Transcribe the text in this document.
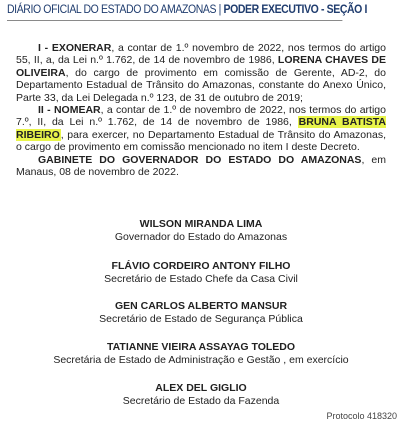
DIÁRIO OFICIAL DO ESTADO DO AMAZONAS | PODER EXECUTIVO - SEÇÃO I

I - EXONERAR, a contar de 1.º novembro de 2022, nos termos do artigo 55, II, a, da Lei n.º 1.762, de 14 de novembro de 1986, LORENA CHAVES DE OLIVEIRA, do cargo de provimento em comissão de Gerente, AD-2, do Departamento Estadual de Trânsito do Amazonas, constante do Anexo Único, Parte 33, da Lei Delegada n.º 123, de 31 de outubro de 2019;

II - NOMEAR, a contar de 1.º de novembro de 2022, nos termos do artigo 7.º, II, da Lei n.º 1.762, de 14 de novembro de 1986, BRUNA BATISTA RIBEIRO, para exercer, no Departamento Estadual de Trânsito do Amazonas, o cargo de provimento em comissão mencionado no item I deste Decreto.

GABINETE DO GOVERNADOR DO ESTADO DO AMAZONAS, em Manaus, 08 de novembro de 2022.

WILSON MIRANDA LIMA
Governador do Estado do Amazonas
FLÁVIO CORDEIRO ANTONY FILHO
Secretário de Estado Chefe da Casa Civil
GEN CARLOS ALBERTO MANSUR
Secretário de Estado de Segurança Pública
TATIANNE VIEIRA ASSAYAG TOLEDO
Secretária de Estado de Administração e Gestão , em exercício
ALEX DEL GIGLIO
Secretário de Estado da Fazenda
Protocolo 418320
